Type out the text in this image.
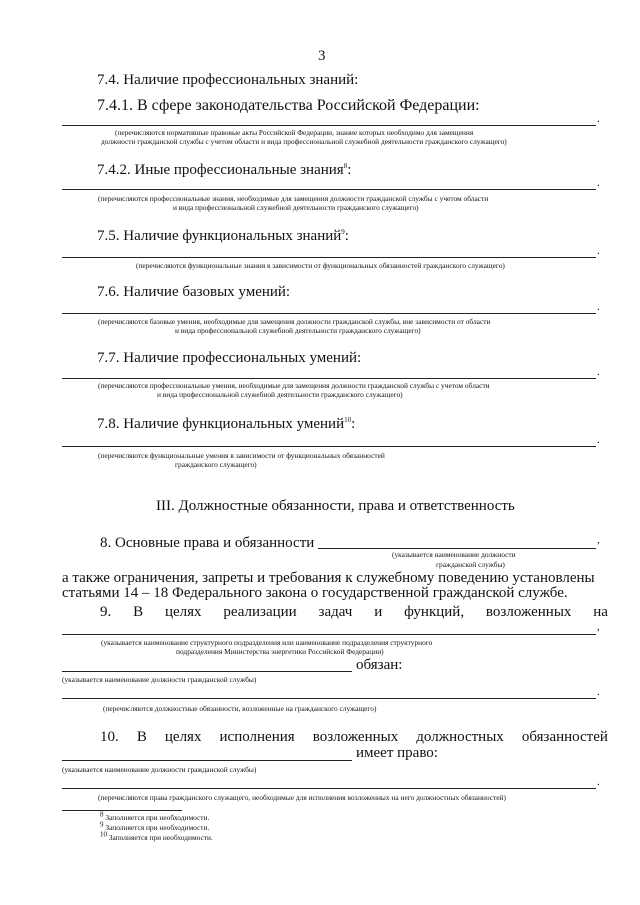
3
7.4. Наличие профессиональных знаний:
7.4.1. В сфере законодательства Российской Федерации:
.
(перечисляются нормативные правовые акты Российской Федерации, знание которых необходимо для замещения
должности гражданской службы с учетом области и вида профессиональной служебной деятельности гражданского служащего)
7.4.2. Иные профессиональные знания$^8$:
.
(перечисляются профессиональные знания, необходимые для замещения должности гражданской службы с учетом области
и вида профессиональной служебной деятельности гражданского служащего)
7.5. Наличие функциональных знаний$^9$:
.
(перечисляются функциональные знания в зависимости от функциональных обязанностей гражданского служащего)
7.6. Наличие базовых умений:
.
(перечисляются базовые умения, необходимые для замещения должности гражданской службы, вне зависимости от области
и вида профессиональной служебной деятельности гражданского служащего)
7.7. Наличие профессиональных умений:
.
(перечисляются профессиональные умения, необходимые для замещения должности гражданской службы с учетом области
и вида профессиональной служебной деятельности гражданского служащего)
7.8. Наличие функциональных умений$^{10}$:
.
(перечисляются функциональные умения в зависимости от функциональных обязанностей
гражданского служащего)
III. Должностные обязанности, права и ответственность
8. Основные права и обязанности	,
(указывается наименование должности
гражданской службы)
а также ограничения, запреты и требования к служебному поведению установлены
статьями 14 – 18 Федерального закона о государственной гражданской службе.
9. В целях реализации задач и функций, возложенных на
,
(указывается наименование структурного подразделения или наименование подразделения структурного
подразделения Министерства энергетики Российской Федерации)
обязан:
(указывается наименование должности гражданской службы)
.
(перечисляются должностные обязанности, возложенные на гражданского служащего)
10. В целях исполнения возложенных должностных обязанностей
имеет право:
(указывается наименование должности гражданской службы)
.
(перечисляются права гражданского служащего, необходимые для исполнения возложенных на него должностных обязанностей)
$^8$ Заполняется при необходимости.
$^9$ Заполняется при необходимости.
$^{10}$ Заполняется при необходимости.
